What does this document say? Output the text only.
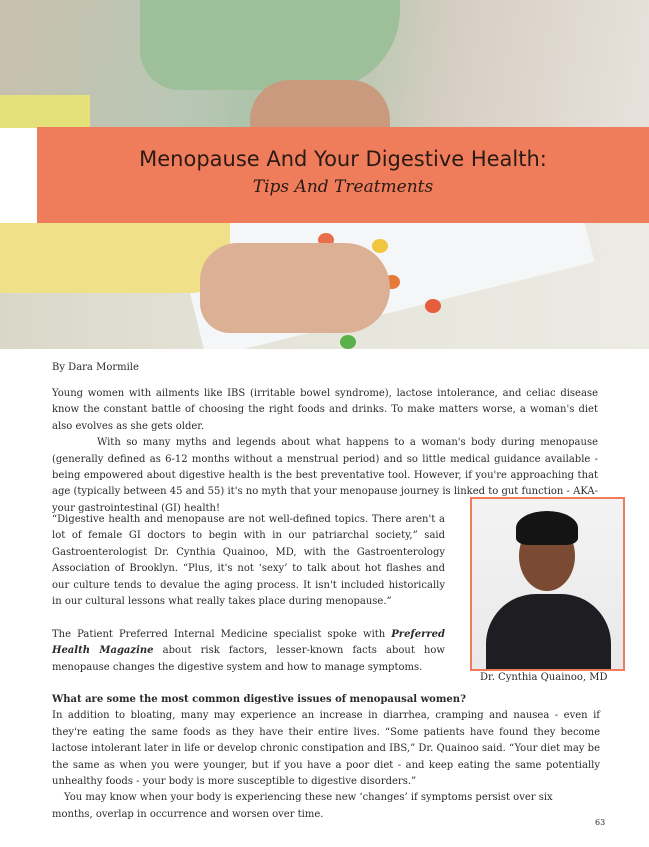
Menopause And Your Digestive Health:
Tips And Treatments
By Dara Mormile

Young women with ailments like IBS (irritable bowel syndrome), lactose intolerance, and celiac disease know the constant battle of choosing the right foods and drinks. To make matters worse, a woman's diet also evolves as she gets older.

With so many myths and legends about what happens to a woman's body during menopause (generally defined as 6-12 months without a menstrual period) and so little medical guidance available - being empowered about digestive health is the best preventative tool. However, if you're approaching that age (typically between 45 and 55) it's no myth that your menopause journey is linked to gut function - AKA- your gastrointestinal (GI) health!

“Digestive health and menopause are not well-defined topics. There aren't a lot of female GI doctors to begin with in our patriarchal society,” said Gastroenterologist Dr. Cynthia Quainoo, MD, with the Gastroenterology Association of Brooklyn. “Plus, it's not ‘sexy’ to talk about hot flashes and our culture tends to devalue the aging process. It isn't included historically in our cultural lessons what really takes place during menopause.”
The Patient Preferred Internal Medicine specialist spoke with Preferred Health Magazine about risk factors, lesser-known facts about how menopause changes the digestive system and how to manage symptoms.
Dr. Cynthia Quainoo, MD
What are some the most common digestive issues of menopausal women?

In addition to bloating, many may experience an increase in diarrhea, cramping and nausea - even if they're eating the same foods as they have their entire lives. “Some patients have found they become lactose intolerant later in life or develop chronic constipation and IBS,” Dr. Quainoo said. “Your diet may be the same as when you were younger, but if you have a poor diet - and keep eating the same potentially unhealthy foods - your body is more susceptible to digestive disorders.”

You may know when your body is experiencing these new ‘changes’ if symptoms persist over six months, overlap in occurrence and worsen over time.

63
